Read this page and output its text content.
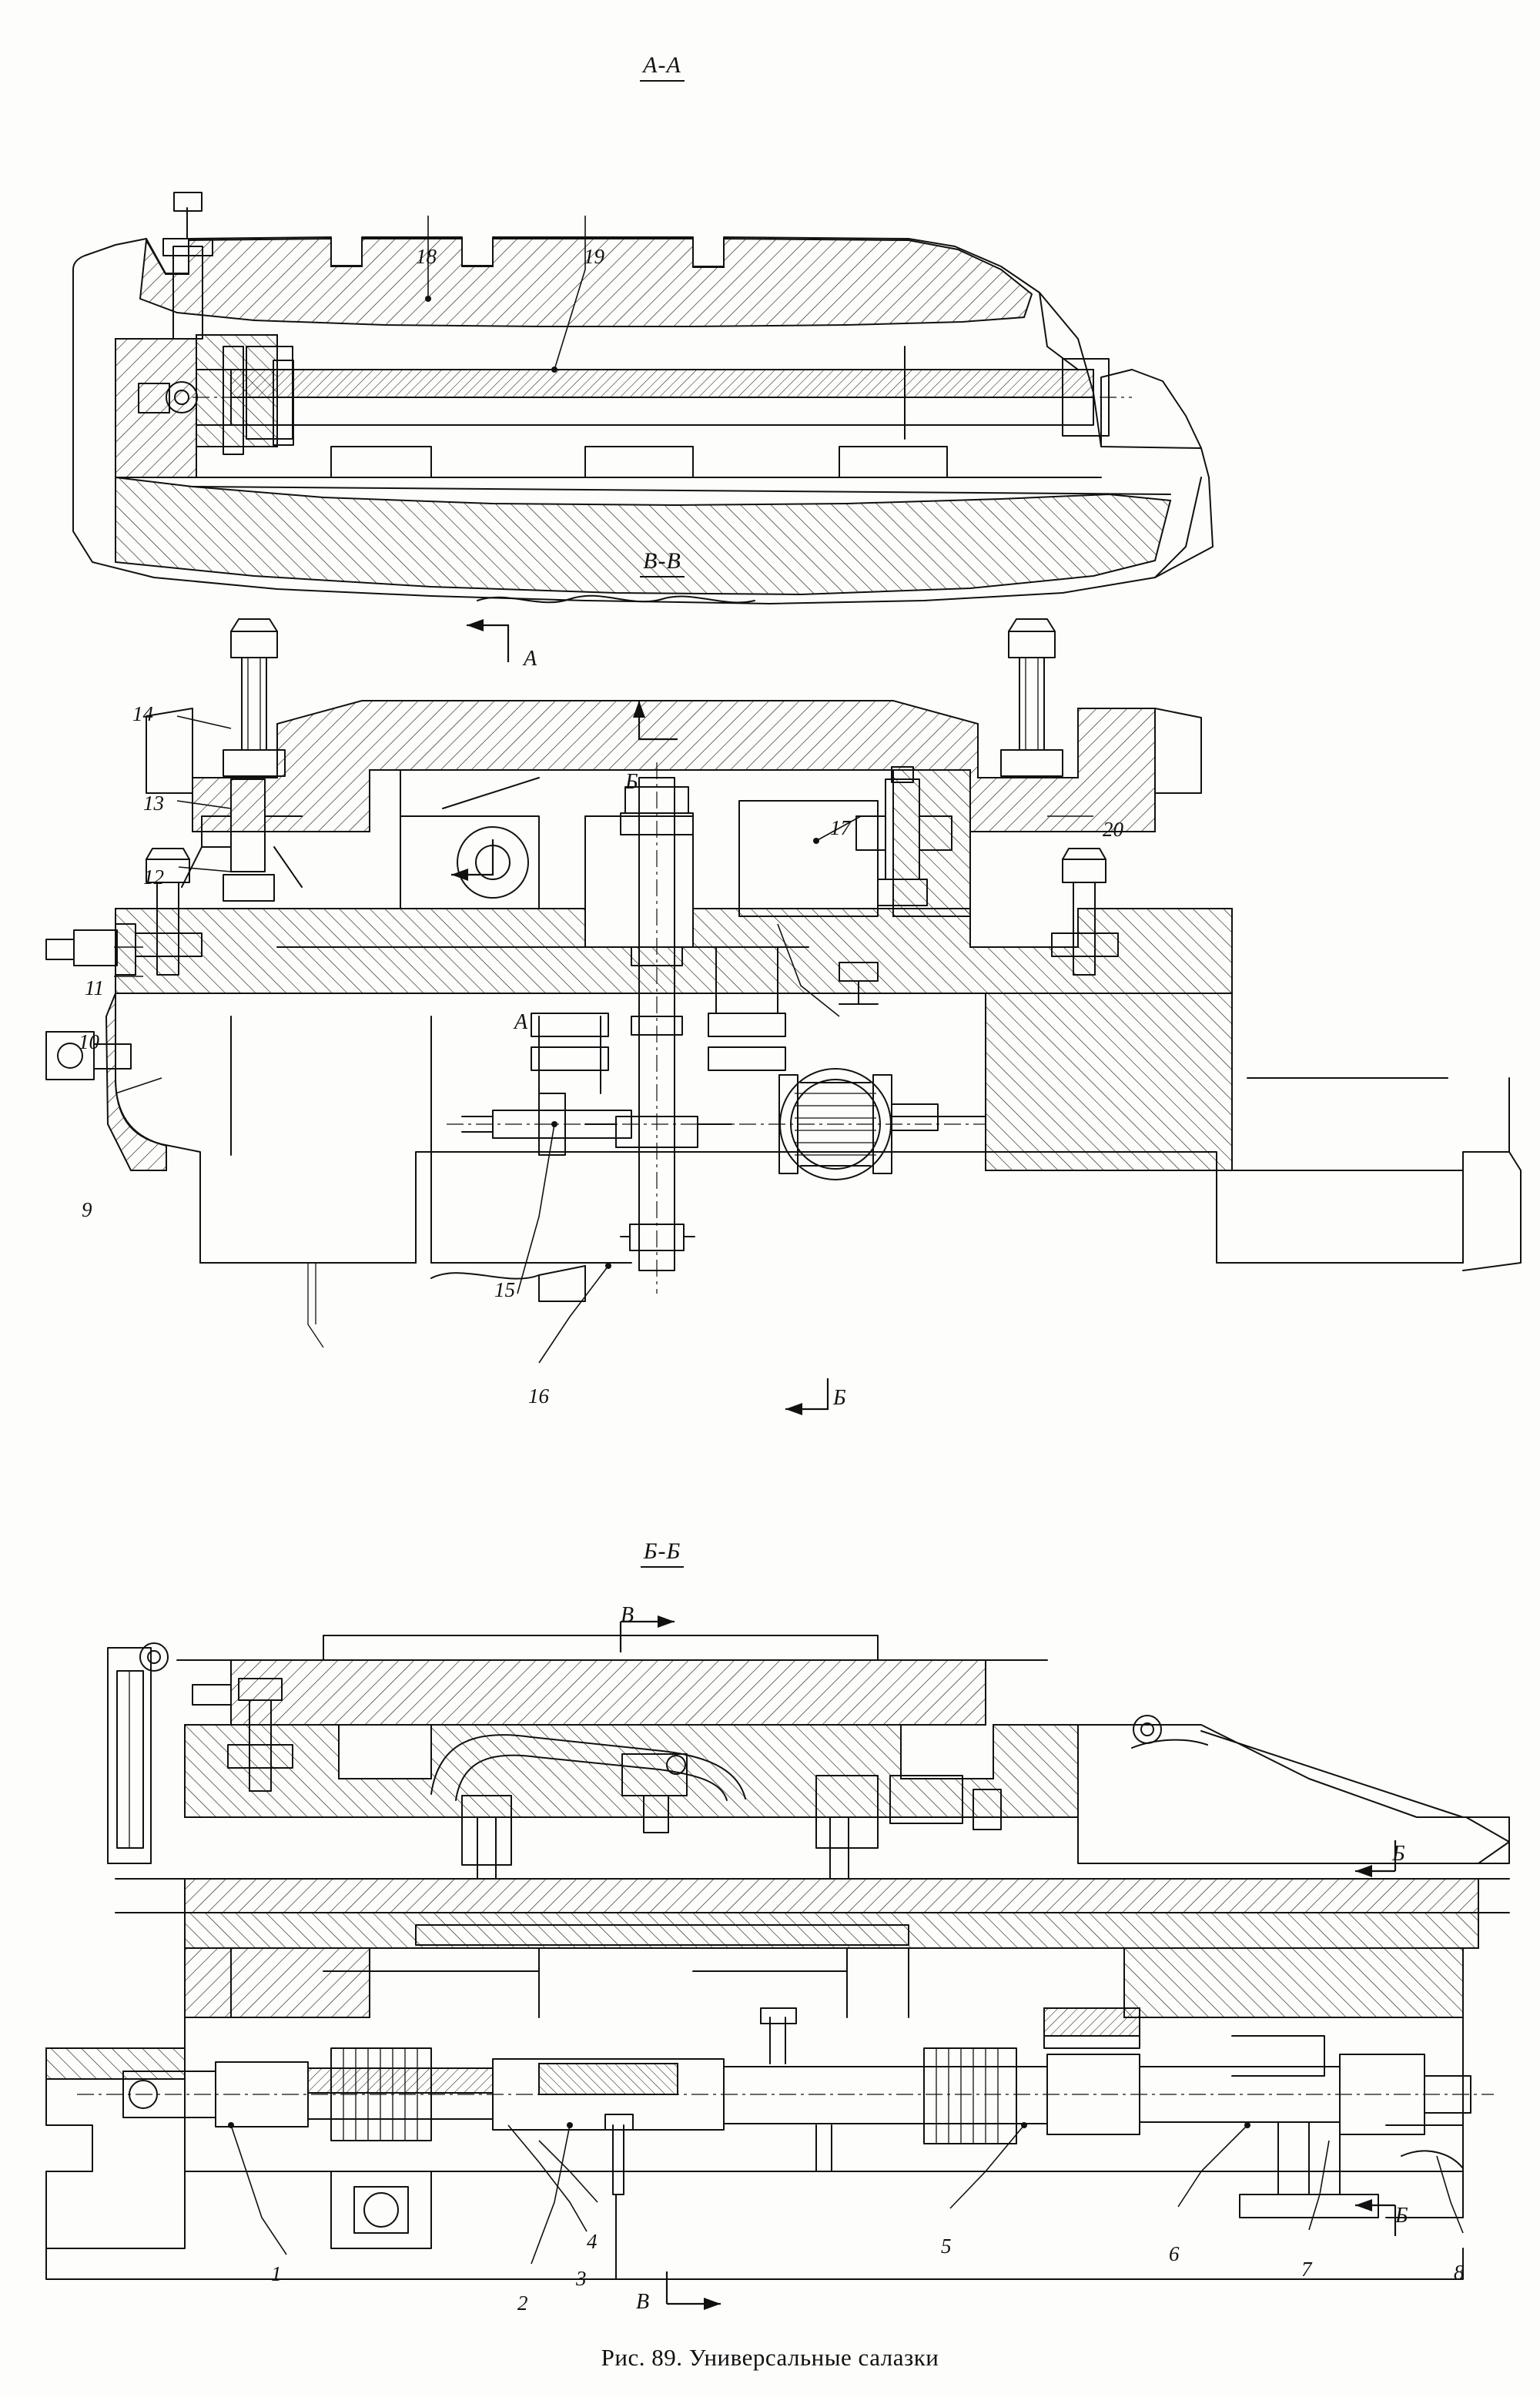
А-А
18	19
В-В
14
13
12
11
10
9
15
16
17	20
А
А
Б
Б
Б-Б
В
В
Б
Б
1
2
3
4	5	6
7	8
Рис. 89. Универсальные салазки
